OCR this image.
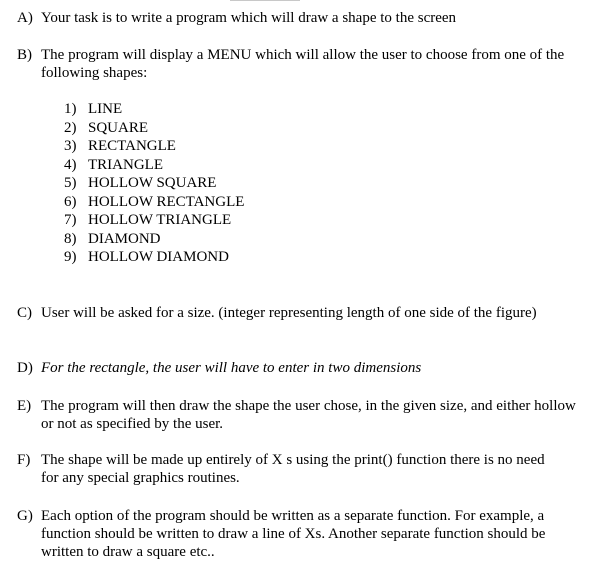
A) Your task is to write a program which will draw a shape to the screen
B) The program will display a MENU which will allow the user to choose from one of the following shapes:
1) LINE
2) SQUARE
3) RECTANGLE
4) TRIANGLE
5) HOLLOW SQUARE
6) HOLLOW RECTANGLE
7) HOLLOW TRIANGLE
8) DIAMOND
9) HOLLOW DIAMOND
C) User will be asked for a size. (integer representing length of one side of the figure)
D) For the rectangle, the user will have to enter in two dimensions
E) The program will then draw the shape the user chose, in the given size, and either hollow or not as specified by the user.
F) The shape will be made up entirely of X s using the print() function there is no need for any special graphics routines.
G) Each option of the program should be written as a separate function. For example, a function should be written to draw a line of Xs. Another separate function should be written to draw a square etc..
